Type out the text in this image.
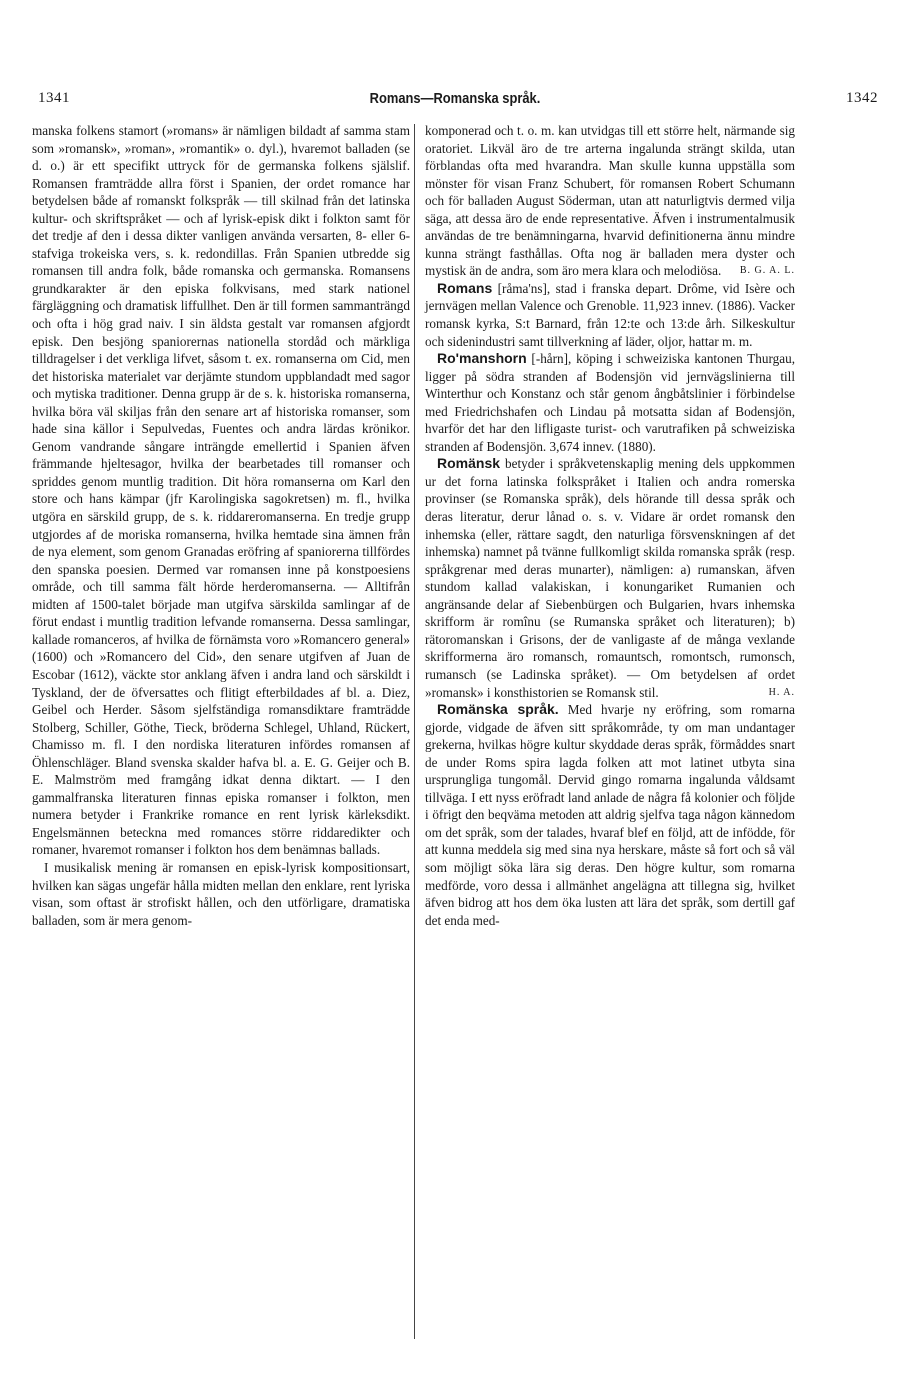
1341	Romans—Romanska språk.	1342

manska folkens stamort (»romans» är nämligen bildadt af samma stam som »romansk», »roman», »romantik» o. dyl.), hvaremot balladen (se d. o.) är ett specifikt uttryck för de germanska folkens själslif. Romansen framträdde allra först i Spanien, der ordet romance har betydelsen både af romanskt folkspråk — till skilnad från det latinska kultur- och skriftspråket — och af lyrisk-episk dikt i folkton samt för det tredje af den i dessa dikter vanligen använda versarten, 8- eller 6-stafviga trokeiska vers, s. k. redondillas. Från Spanien utbredde sig romansen till andra folk, både romanska och germanska. Romansens grundkarakter är den episka folkvisans, med stark nationel färgläggning och dramatisk liffullhet. Den är till formen sammanträngd och ofta i hög grad naiv. I sin äldsta gestalt var romansen afgjordt episk. Den besjöng spaniorernas nationella stordåd och märkliga tilldragelser i det verkliga lifvet, såsom t. ex. romanserna om Cid, men det historiska materialet var derjämte stundom uppblandadt med sagor och mytiska traditioner. Denna grupp är de s. k. historiska romanserna, hvilka böra väl skiljas från den senare art af historiska romanser, som hade sina källor i Sepulvedas, Fuentes och andra lärdas krönikor. Genom vandrande sångare inträngde emellertid i Spanien äfven främmande hjeltesagor, hvilka der bearbetades till romanser och spriddes genom muntlig tradition. Dit höra romanserna om Karl den store och hans kämpar (jfr Karolingiska sagokretsen) m. fl., hvilka utgöra en särskild grupp, de s. k. riddareromanserna. En tredje grupp utgjordes af de moriska romanserna, hvilka hemtade sina ämnen från de nya element, som genom Granadas eröfring af spaniorerna tillfördes den spanska poesien. Dermed var romansen inne på konstpoesiens område, och till samma fält hörde herderomanserna. — Alltifrån midten af 1500-talet började man utgifva särskilda samlingar af de förut endast i muntlig tradition lefvande romanserna. Dessa samlingar, kallade romanceros, af hvilka de förnämsta voro »Romancero general» (1600) och »Romancero del Cid», den senare utgifven af Juan de Escobar (1612), väckte stor anklang äfven i andra land och särskildt i Tyskland, der de öfversattes och flitigt efterbildades af bl. a. Diez, Geibel och Herder. Såsom sjelfständiga romansdiktare framträdde Stolberg, Schiller, Göthe, Tieck, bröderna Schlegel, Uhland, Rückert, Chamisso m. fl. I den nordiska literaturen infördes romansen af Öhlenschläger. Bland svenska skalder hafva bl. a. E. G. Geijer och B. E. Malmström med framgång idkat denna diktart. — I den gammalfranska literaturen finnas episka romanser i folkton, men numera betyder i Frankrike romance en rent lyrisk kärleksdikt. Engelsmännen beteckna med romances större riddaredikter och romaner, hvaremot romanser i folkton hos dem benämnas ballads.

I musikalisk mening är romansen en episk-lyrisk kompositionsart, hvilken kan sägas ungefär hålla midten mellan den enklare, rent lyriska visan, som oftast är strofiskt hållen, och den utförligare, dramatiska balladen, som är mera genom-

komponerad och t. o. m. kan utvidgas till ett större helt, närmande sig oratoriet. Likväl äro de tre arterna ingalunda strängt skilda, utan förblandas ofta med hvarandra. Man skulle kunna uppställa som mönster för visan Franz Schubert, för romansen Robert Schumann och för balladen August Söderman, utan att naturligtvis dermed vilja säga, att dessa äro de ende representative. Äfven i instrumentalmusik användas de tre benämningarna, hvarvid definitionerna ännu mindre kunna strängt fasthållas. Ofta nog är balladen mera dyster och mystisk än de andra, som äro mera klara och melodiösa. B. G. A. L.

Romans [råma'ns], stad i franska depart. Drôme, vid Isère och jernvägen mellan Valence och Grenoble. 11,923 innev. (1886). Vacker romansk kyrka, S:t Barnard, från 12:te och 13:de årh. Silkeskultur och sidenindustri samt tillverkning af läder, oljor, hattar m. m.

Ro'manshorn [-hårn], köping i schweiziska kantonen Thurgau, ligger på södra stranden af Bodensjön vid jernvägslinierna till Winterthur och Konstanz och står genom ångbåtslinier i förbindelse med Friedrichshafen och Lindau på motsatta sidan af Bodensjön, hvarför det har den lifligaste turist- och varutrafiken på schweiziska stranden af Bodensjön. 3,674 innev. (1880).

Romänsk betyder i språkvetenskaplig mening dels uppkommen ur det forna latinska folkspråket i Italien och andra romerska provinser (se Romanska språk), dels hörande till dessa språk och deras literatur, derur lånad o. s. v. Vidare är ordet romansk den inhemska (eller, rättare sagdt, den naturliga försvenskningen af det inhemska) namnet på tvänne fullkomligt skilda romanska språk (resp. språkgrenar med deras munarter), nämligen: a) rumanskan, äfven stundom kallad valakiskan, i konungariket Rumanien och angränsande delar af Siebenbürgen och Bulgarien, hvars inhemska skrifform är romînu (se Rumanska språket och literaturen); b) rätoromanskan i Grisons, der de vanligaste af de många vexlande skrifformerna äro romansch, romauntsch, romontsch, rumonsch, rumansch (se Ladinska språket). — Om betydelsen af ordet »romansk» i konsthistorien se Romansk stil.	H. A.

Romänska språk. Med hvarje ny eröfring, som romarna gjorde, vidgade de äfven sitt språkområde, ty om man undantager grekerna, hvilkas högre kultur skyddade deras språk, förmåddes snart de under Roms spira lagda folken att mot latinet utbyta sina ursprungliga tungomål. Dervid gingo romarna ingalunda våldsamt tillväga. I ett nyss eröfradt land anlade de några få kolonier och följde i öfrigt den beqväma metoden att aldrig sjelfva taga någon kännedom om det språk, som der talades, hvaraf blef en följd, att de infödde, för att kunna meddela sig med sina nya herskare, måste så fort och så väl som möjligt söka lära sig deras. Den högre kultur, som romarna medförde, voro dessa i allmänhet angelägna att tillegna sig, hvilket äfven bidrog att hos dem öka lusten att lära det språk, som dertill gaf det enda med-
